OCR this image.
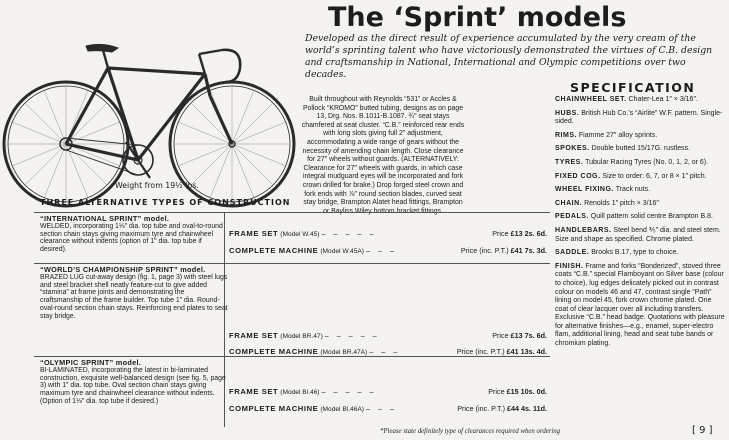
The ‘Sprint’ models
Developed as the direct result of experience accumulated by the very cream of the world’s sprinting talent who have victoriously demonstrated the virtues of C.B. design and craftsmanship in National, International and Olympic competitions over two decades.
Weight from 19½ lbs.
SPECIFICATION
Built throughout with Reynolds “531” or Accles & Pollock “KROMO” butted tubing, designs as on page 13, Drg. Nos. B.1011-B.1087. ¾″ seat stays chamfered at seat cluster. “C.B.” reinforced rear ends with long slots giving full 2″ adjustment, accommodating a wide range of gears without the necessity of amending chain length. Close clearance for 27″ wheels without guards. (ALTERNATIVELY: Clearance for 27″ wheels with guards, in which case integral mudguard eyes will be incorporated and fork crown drilled for brake.) Drop forged steel crown and fork ends with ⅞″ round section blades, curved seat stay bridge, Brampton Alatet head fittings, Brampton or Bayliss Wiley bottom bracket fittings.
CHAINWHEEL SET. Chater-Lea 1″ × 3/16″.
HUBS. British Hub Co.’s “Airlite” W.F. pattern. Single-sided.
RIMS. Fiamme 27″ alloy sprints.
SPOKES. Double butted 15/17G. rustless.
TYRES. Tubular Racing Tyres (No. 0, 1, 2, or 6).
FIXED COG. Size to order: 6, 7, or 8 × 1″ pitch.
WHEEL FIXING. Track nuts.
CHAIN. Renolds 1″ pitch × 3/16″
PEDALS. Quill pattern solid centre Brampton B.8.
HANDLEBARS. Steel bend ⅗″ dia. and steel stem. Size and shape as specified. Chrome plated.
SADDLE. Brooks B.17, type to choice.
FINISH. Frame and forks “Bonderized”, stoved three coats “C.B.” special Flamboyant on Silver base (colour to choice), lug edges delicately picked out in contrast colour on models 46 and 47, contrast single “Path” lining on model 45, fork crown chrome plated. One coat of clear lacquer over all including transfers. Exclusive “C.B.” head badge. Quotations with pleasure for alternative finishes—e.g., enamel, super-electro flam, additional lining, head and seat tube bands or chromium plating.
THREE ALTERNATIVE TYPES OF CONSTRUCTION
“INTERNATIONAL SPRINT” model.
WELDED, incorporating 1⅛″ dia. top tube and oval-to-round section chain stays giving maximum tyre and chainwheel clearance without indents (option of 1″ dia. top tube if desired).
FRAME SET (Model W.45) – – – – –	Price £13 2s. 6d.
COMPLETE MACHINE (Model W.45A) – – –	Price (inc. P.T.) £41 7s. 3d.
“WORLD’S CHAMPIONSHIP SPRINT” model.
BRAZED LUG cut-away design (fig. 1, page 3) with steel lugs and steel bracket shell neatly feature-cut to give added “stamina” at frame joints and demonstrating the craftsmanship of the frame builder. Top tube 1″ dia. Round-oval-round section chain stays. Reinforcing end plates to seat stay bridge.
FRAME SET (Model BR.47) – – – – –	Price £13 7s. 6d.
COMPLETE MACHINE (Model BR.47A) – – –	Price (inc. P.T.) £41 13s. 4d.
“OLYMPIC SPRINT” model.
BI-LAMINATED, incorporating the latest in bi-laminated construction, exquisite well-balanced design (see fig. 5, page 3) with 1″ dia. top tube. Oval section chain stays giving maximum tyre and chainwheel clearance without indents. (Option of 1⅛″ dia. top tube if desired.)
FRAME SET (Model Bl.46) – – – – –	Price £15 10s. 0d.
COMPLETE MACHINE (Model Bl.46A) – – –	Price (inc. P.T.) £44 4s. 11d.
*Please state definitely type of clearances required when ordering	[ 9 ]
